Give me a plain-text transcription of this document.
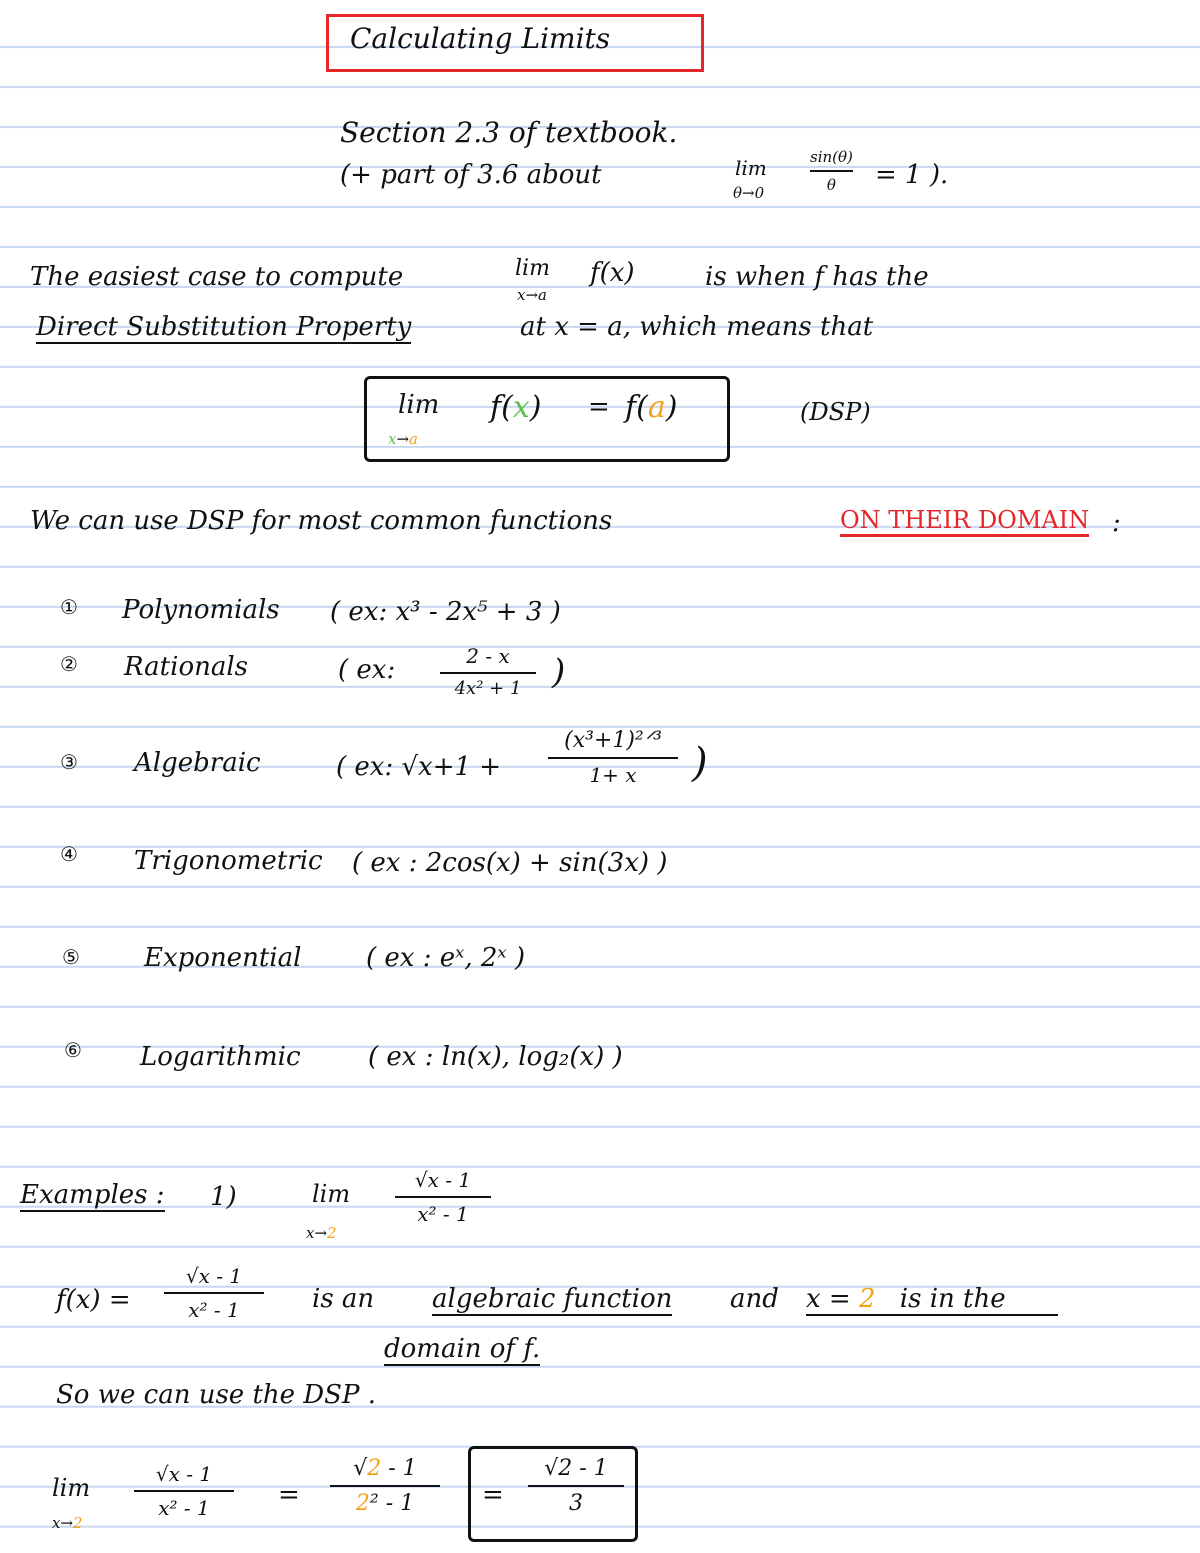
Calculating Limits
Section 2.3 of textbook.
(+ part of 3.6 about	lim
θ→0
sin(θ)
θ = 1 ).
The easiest case to compute	lim
x→a
f(x)	is when f has the
Direct Substitution Property	at x = a, which means that
lim
x→a
f(x) = f(a)	(DSP)
We can use DSP for most common functions	ON THEIR DOMAIN :
① Polynomials ( ex: x³ - 2x⁵ + 3 )
② Rationals	( ex:	2 - x
4x² + 1 )
③ Algebraic	( ex: √x+1 +
(x³+1)²ᐟ³
1+ x )
④ Trigonometric ( ex : 2cos(x) + sin(3x) )
⑤ Exponential ( ex : eˣ, 2ˣ )
⑥ Logarithmic	( ex : ln(x), log₂(x) )
Examples : 1)	lim
x→2
√x - 1
x² - 1
f(x) =
√x - 1
x² - 1	is an algebraic function and x = 2 is in the
domain of f.
So we can use the DSP .
lim
x→2
√x - 1
x² - 1	=
√2 - 1
2² - 1	=
√2 - 1
3
